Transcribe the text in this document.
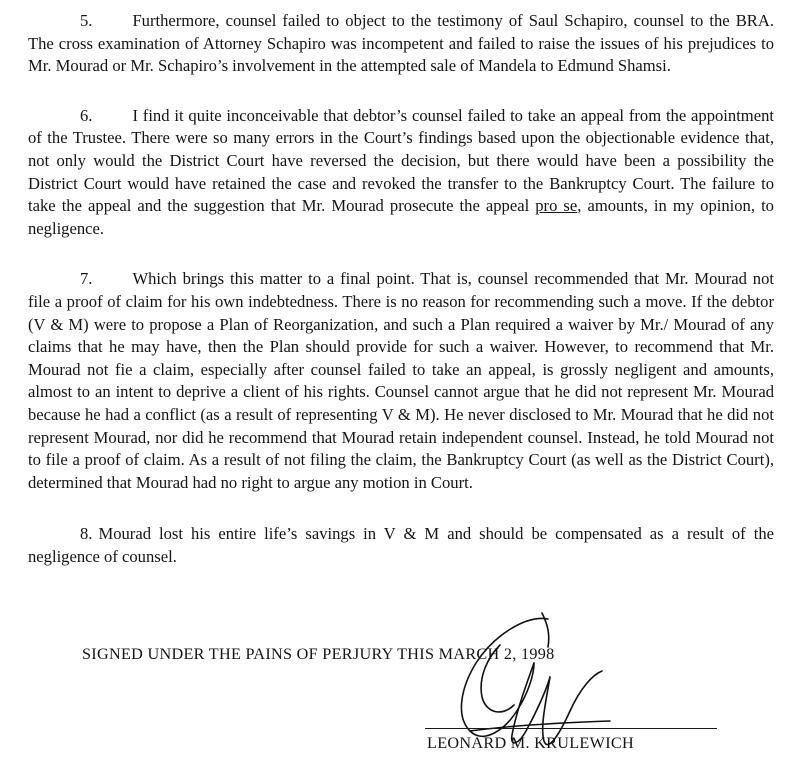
5. Furthermore, counsel failed to object to the testimony of Saul Schapiro, counsel to the BRA. The cross examination of Attorney Schapiro was incompetent and failed to raise the issues of his prejudices to Mr. Mourad or Mr. Schapiro’s involvement in the attempted sale of Mandela to Edmund Shamsi.

6. I find it quite inconceivable that debtor’s counsel failed to take an appeal from the appointment of the Trustee. There were so many errors in the Court’s findings based upon the objectionable evidence that, not only would the District Court have reversed the decision, but there would have been a possibility the District Court would have retained the case and revoked the transfer to the Bankruptcy Court. The failure to take the appeal and the suggestion that Mr. Mourad prosecute the appeal pro se, amounts, in my opinion, to negligence.

7. Which brings this matter to a final point. That is, counsel recommended that Mr. Mourad not file a proof of claim for his own indebtedness. There is no reason for recommending such a move. If the debtor (V & M) were to propose a Plan of Reorganization, and such a Plan required a waiver by Mr./ Mourad of any claims that he may have, then the Plan should provide for such a waiver. However, to recommend that Mr. Mourad not fie a claim, especially after counsel failed to take an appeal, is grossly negligent and amounts, almost to an intent to deprive a client of his rights. Counsel cannot argue that he did not represent Mr. Mourad because he had a conflict (as a result of representing V & M). He never disclosed to Mr. Mourad that he did not represent Mourad, nor did he recommend that Mourad retain independent counsel. Instead, he told Mourad not to file a proof of claim. As a result of not filing the claim, the Bankruptcy Court (as well as the District Court), determined that Mourad had no right to argue any motion in Court.

8. Mourad lost his entire life’s savings in V & M and should be compensated as a result of the negligence of counsel.

SIGNED UNDER THE PAINS OF PERJURY THIS MARCH 2, 1998
LEONARD M. KRULEWICH
